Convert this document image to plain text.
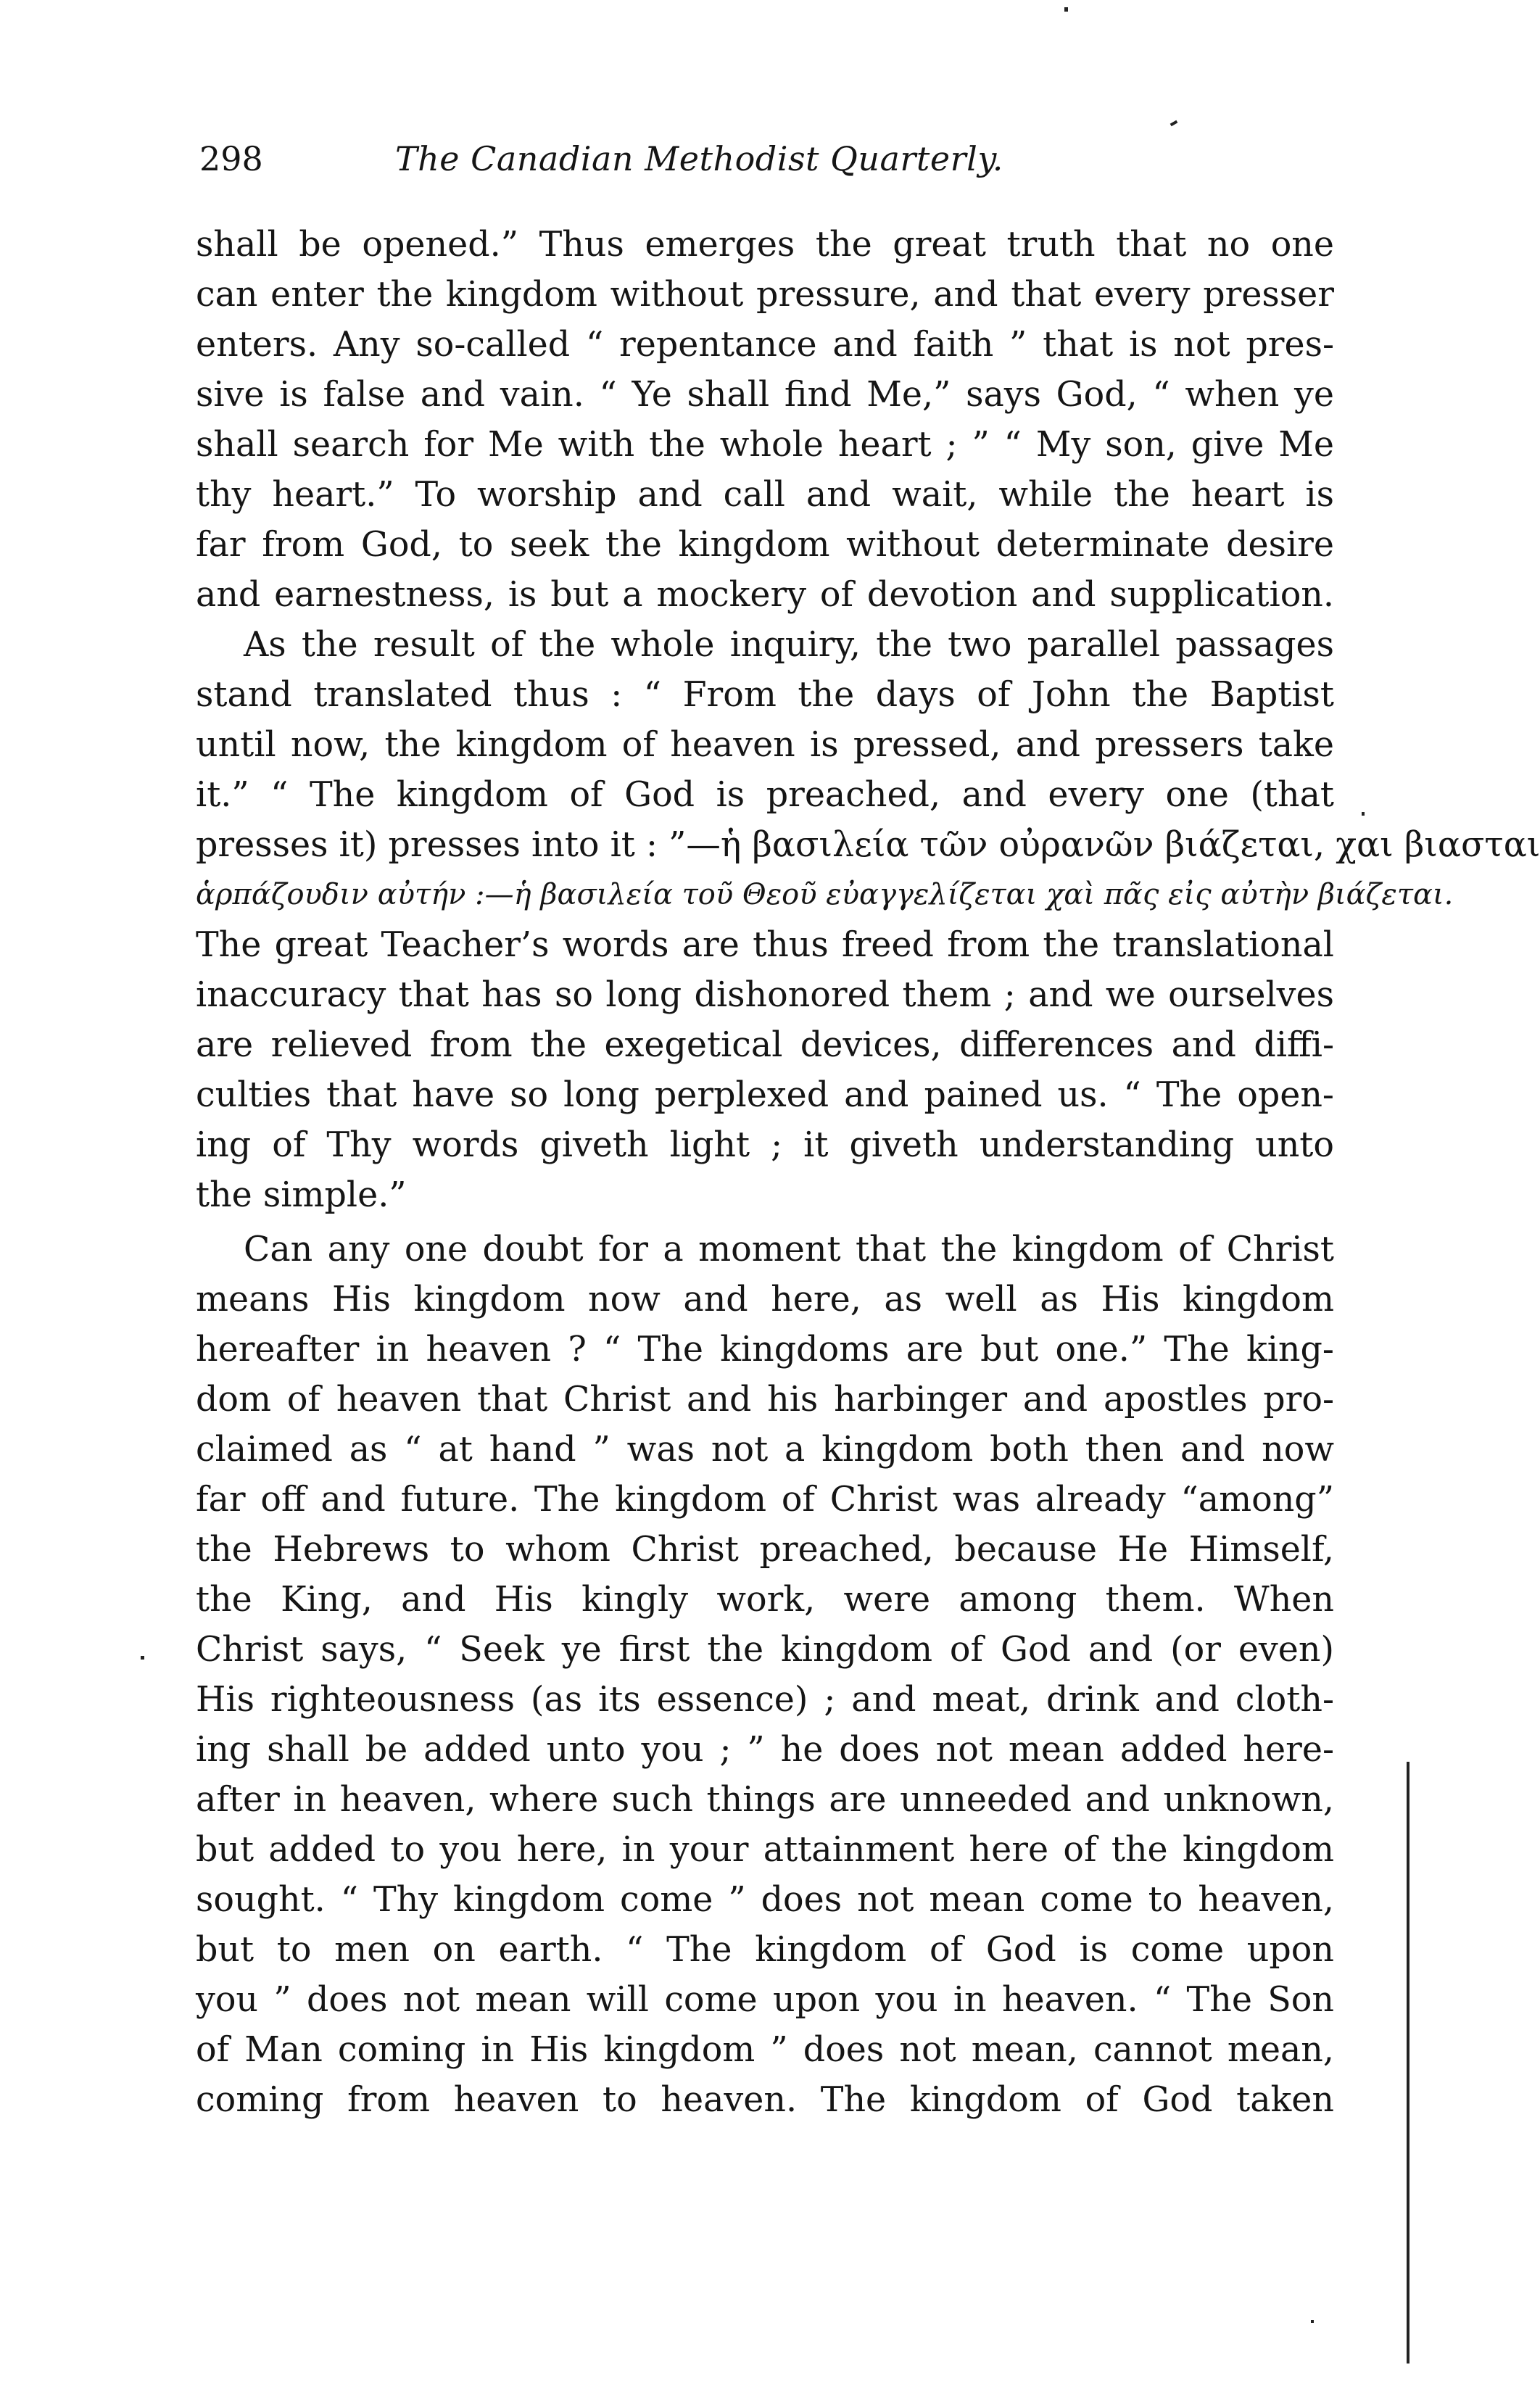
298	The Canadian Methodist Quarterly.
shall be opened.” Thus emerges the great truth that no one
can enter the kingdom without pressure, and that every presser
enters. Any so-called “ repentance and faith ” that is not pres-
sive is false and vain. “ Ye shall find Me,” says God, “ when ye
shall search for Me with the whole heart ; ” “ My son, give Me
thy heart.” To worship and call and wait, while the heart is
far from God, to seek the kingdom without determinate desire
and earnestness, is but a mockery of devotion and supplication.
As the result of the whole inquiry, the two parallel passages
stand translated thus : “ From the days of John the Baptist
until now, the kingdom of heaven is pressed, and pressers take
it.” “ The kingdom of God is preached, and every one (that
presses it) presses into it : ”—ἡ βασιλεία τῶν οὐρανῶν βιάζεται, χαι βιασται
ἁρπάζουδιν αὐτήν :—ἡ βασιλεία τοῦ Θεοῦ εὐαγγελίζεται χαὶ πᾶς εἰς αὐτὴν βιάζεται.
The great Teacher’s words are thus freed from the translational
inaccuracy that has so long dishonored them ; and we ourselves
are relieved from the exegetical devices, differences and diffi-
culties that have so long perplexed and pained us. “ The open-
ing of Thy words giveth light ; it giveth understanding unto
the simple.”
Can any one doubt for a moment that the kingdom of Christ
means His kingdom now and here, as well as His kingdom
hereafter in heaven ? “ The kingdoms are but one.” The king-
dom of heaven that Christ and his harbinger and apostles pro-
claimed as “ at hand ” was not a kingdom both then and now
far off and future. The kingdom of Christ was already “among”
the Hebrews to whom Christ preached, because He Himself,
the King, and His kingly work, were among them. When
Christ says, “ Seek ye first the kingdom of God and (or even)
His righteousness (as its essence) ; and meat, drink and cloth-
ing shall be added unto you ; ” he does not mean added here-
after in heaven, where such things are unneeded and unknown,
but added to you here, in your attainment here of the kingdom
sought. “ Thy kingdom come ” does not mean come to heaven,
but to men on earth. “ The kingdom of God is come upon
you ” does not mean will come upon you in heaven. “ The Son
of Man coming in His kingdom ” does not mean, cannot mean,
coming from heaven to heaven. The kingdom of God taken
